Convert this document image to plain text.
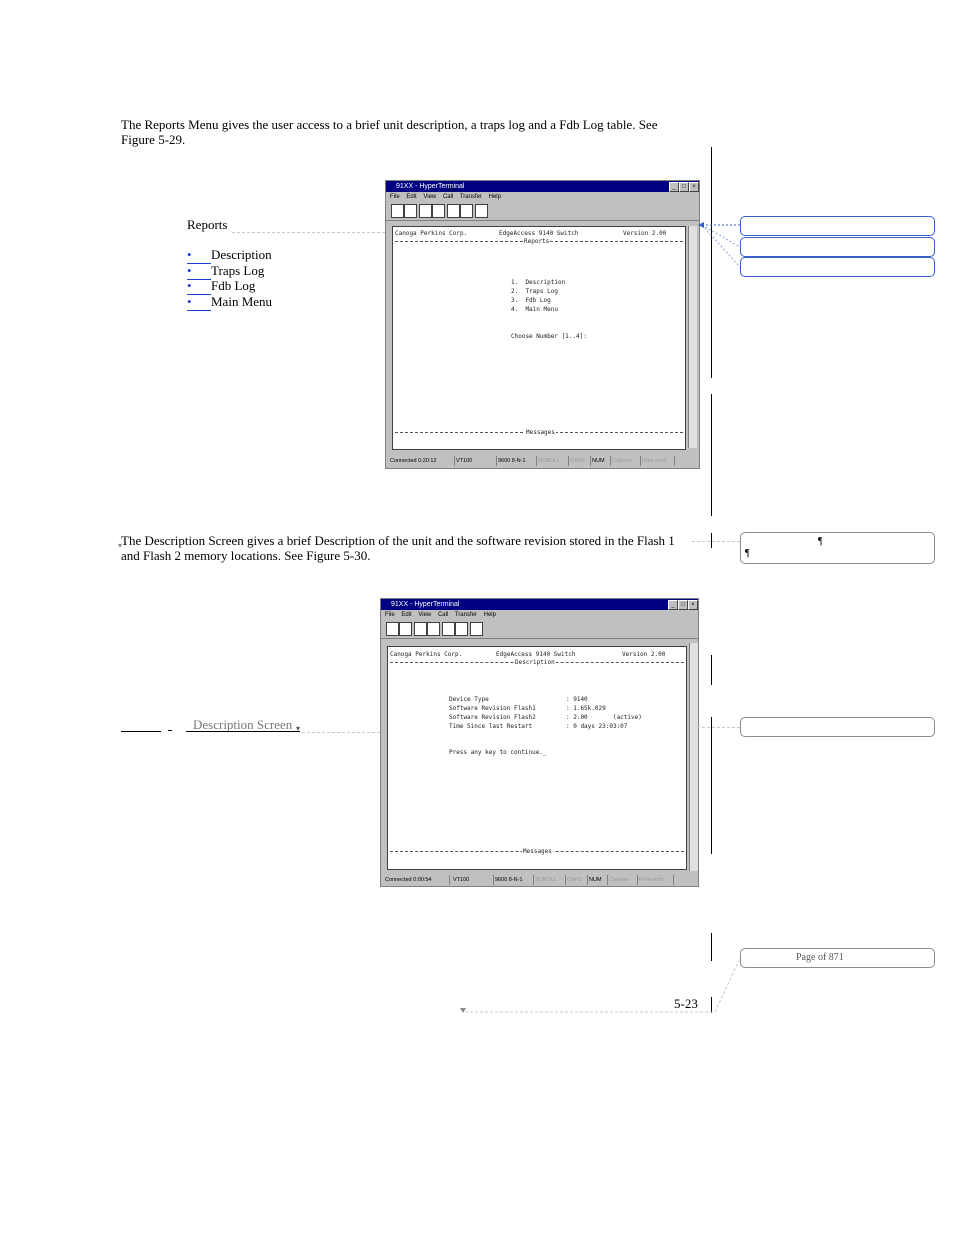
The Reports Menu gives the user access to a brief unit description, a traps log and a Fdb Log table. See
Figure 5-29.
Reports
• Description
• Traps Log
• Fdb Log
• Main Menu
91XX - HyperTerminal	_	□	×
File Edit View Call Transfer Help
Canoga Perkins Corp.	EdgeAccess 9140 Switch	Version 2.00
Reports
1.  Description
2.  Traps Log
3.  Fdb Log
4.  Main Menu
Choose Number [1..4]:
Messages
Connected 0:20:12	VT100	9600 8-N-1	SCROLL	CAPS	NUM	Capture	Print echo
The Description Screen gives a brief Description of the unit and the software revision stored in the Flash 1
and Flash 2 memory locations. See Figure 5-30.
Description Screen
91XX - HyperTerminal	_	□	×
File Edit View Call Transfer Help
Canoga Perkins Corp.	EdgeAccess 9140 Switch	Version 2.00
Description
Device Type	: 9140
Software Revision Flash1	: 1.65k.029
Software Revision Flash2	: 2.00       (active)
Time Since last Restart	: 0 days 23:03:07
Press any key to continue._
Messages
Connected 0:00:54	VT100	9600 8-N-1	SCROLL	CAPS	NUM	Capture	Print echo
¶
¶
Page of 871
▾
▾
5-23
